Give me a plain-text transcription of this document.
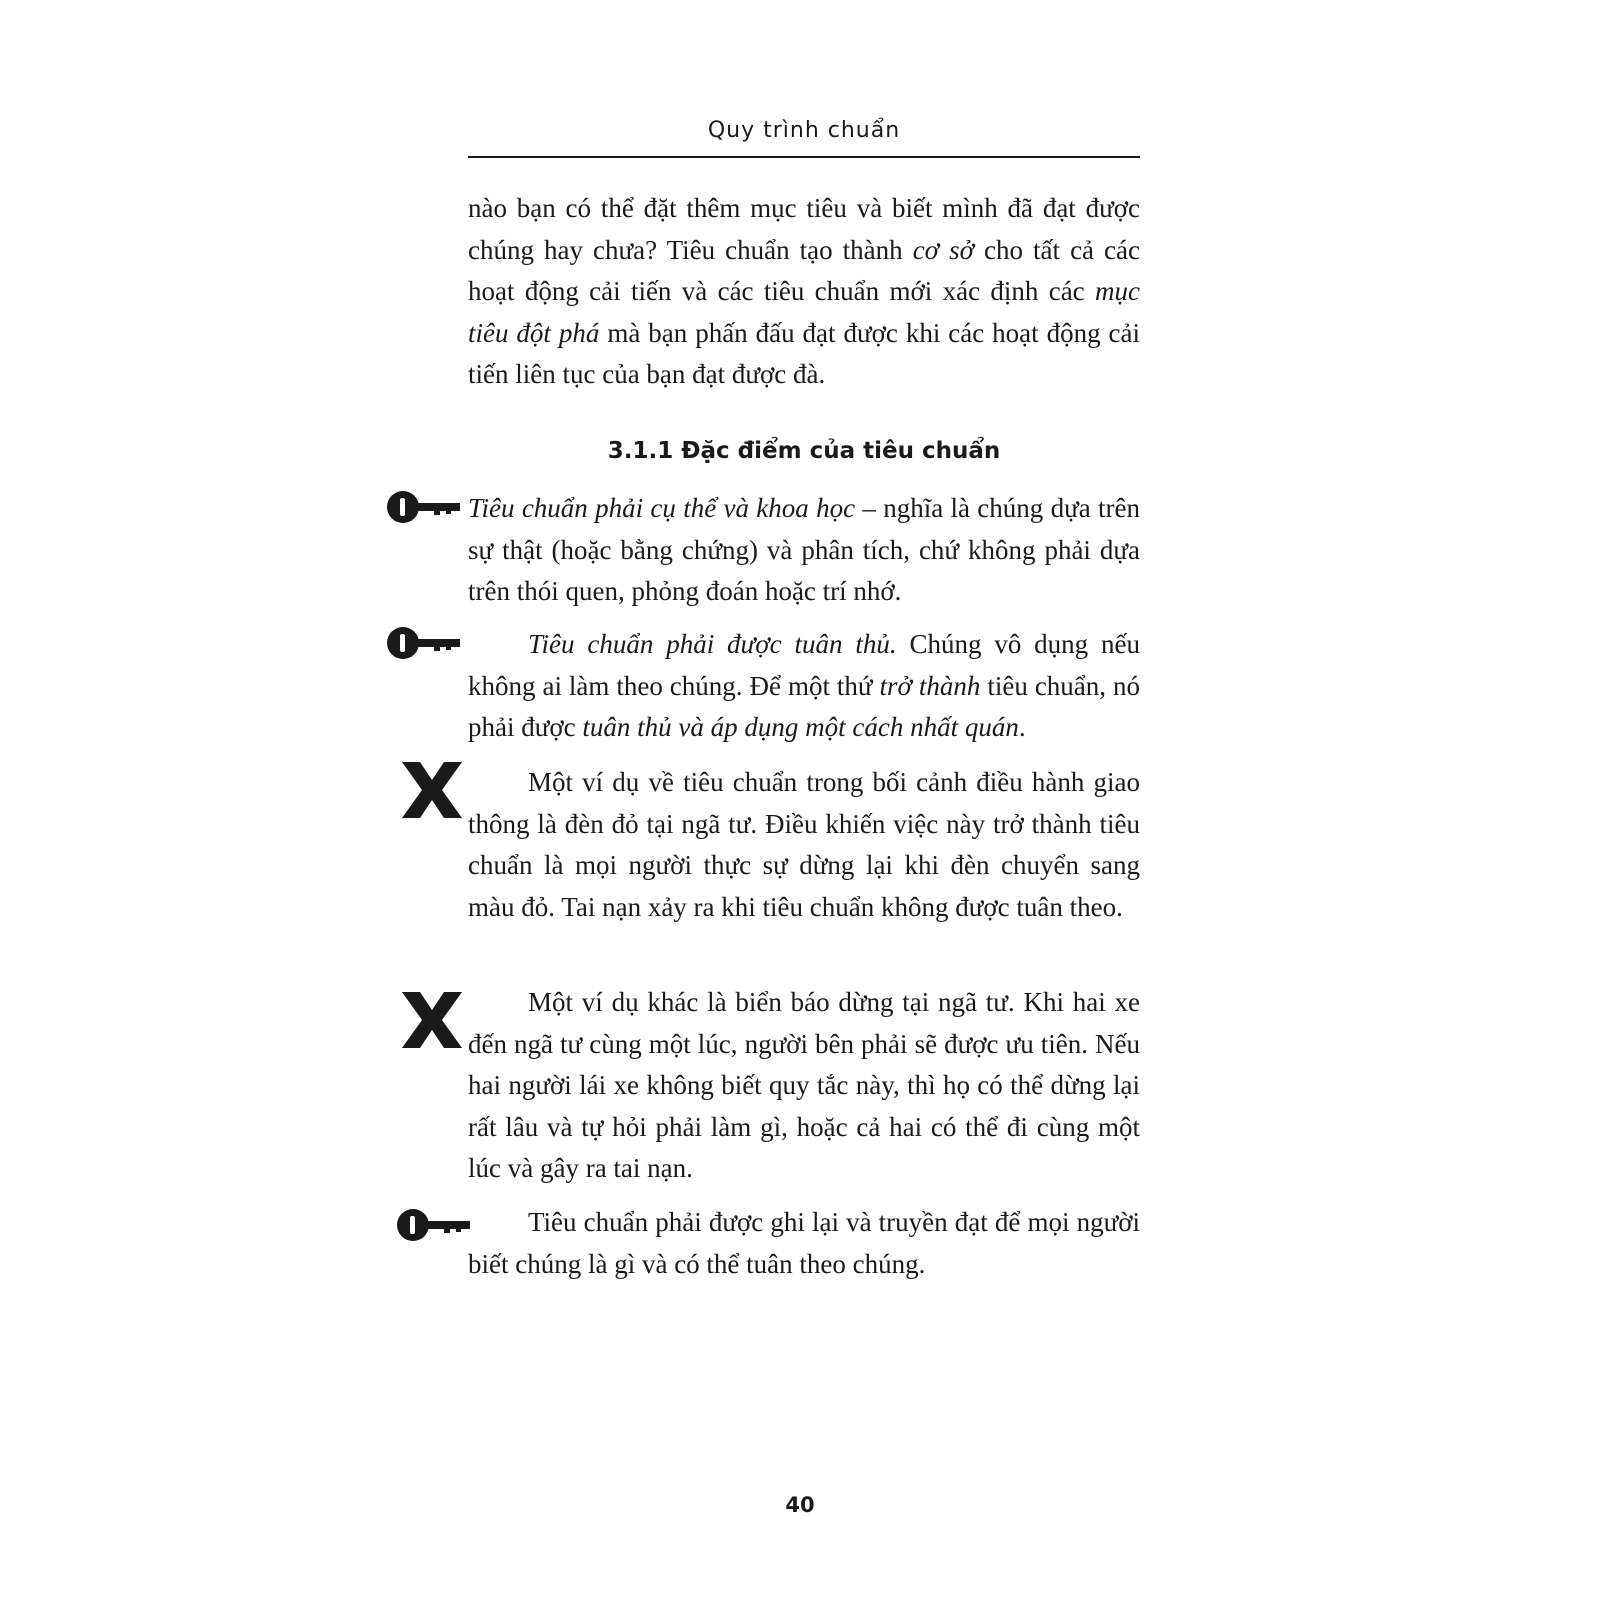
Quy trình chuẩn

nào bạn có thể đặt thêm mục tiêu và biết mình đã đạt được chúng hay chưa? Tiêu chuẩn tạo thành cơ sở cho tất cả các hoạt động cải tiến và các tiêu chuẩn mới xác định các mục tiêu đột phá mà bạn phấn đấu đạt được khi các hoạt động cải tiến liên tục của bạn đạt được đà.

3.1.1 Đặc điểm của tiêu chuẩn

Tiêu chuẩn phải cụ thể và khoa học – nghĩa là chúng dựa trên sự thật (hoặc bằng chứng) và phân tích, chứ không phải dựa trên thói quen, phỏng đoán hoặc trí nhớ.

Tiêu chuẩn phải được tuân thủ. Chúng vô dụng nếu không ai làm theo chúng. Để một thứ trở thành tiêu chuẩn, nó phải được tuân thủ và áp dụng một cách nhất quán.

Một ví dụ về tiêu chuẩn trong bối cảnh điều hành giao thông là đèn đỏ tại ngã tư. Điều khiến việc này trở thành tiêu chuẩn là mọi người thực sự dừng lại khi đèn chuyển sang màu đỏ. Tai nạn xảy ra khi tiêu chuẩn không được tuân theo.

Một ví dụ khác là biển báo dừng tại ngã tư. Khi hai xe đến ngã tư cùng một lúc, người bên phải sẽ được ưu tiên. Nếu hai người lái xe không biết quy tắc này, thì họ có thể dừng lại rất lâu và tự hỏi phải làm gì, hoặc cả hai có thể đi cùng một lúc và gây ra tai nạn.

Tiêu chuẩn phải được ghi lại và truyền đạt để mọi người biết chúng là gì và có thể tuân theo chúng.

40
